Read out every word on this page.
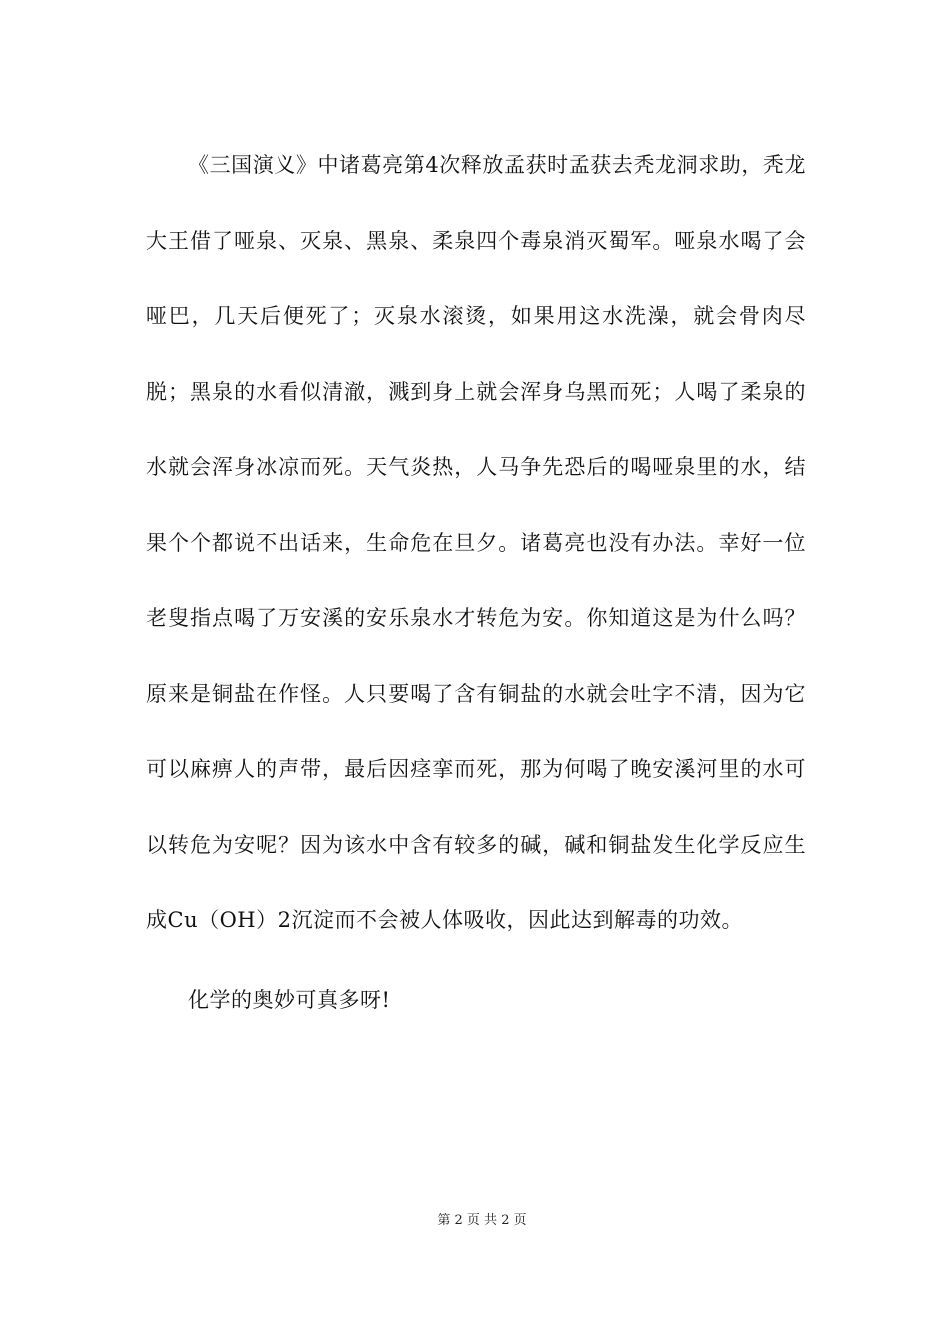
《三国演义》中诸葛亮第4次释放孟获时孟获去秃龙洞求助，秃龙大王借了哑泉、灭泉、黑泉、柔泉四个毒泉消灭蜀军。哑泉水喝了会哑巴，几天后便死了；灭泉水滚烫，如果用这水洗澡，就会骨肉尽脱；黑泉的水看似清澈，溅到身上就会浑身乌黑而死；人喝了柔泉的水就会浑身冰凉而死。天气炎热，人马争先恐后的喝哑泉里的水，结果个个都说不出话来，生命危在旦夕。诸葛亮也没有办法。幸好一位老叟指点喝了万安溪的安乐泉水才转危为安。你知道这是为什么吗？原来是铜盐在作怪。人只要喝了含有铜盐的水就会吐字不清，因为它可以麻痹人的声带，最后因痉挛而死，那为何喝了晚安溪河里的水可以转危为安呢？因为该水中含有较多的碱，碱和铜盐发生化学反应生成Cu（OH）2沉淀而不会被人体吸收，因此达到解毒的功效。

化学的奥妙可真多呀!

第 2 页 共 2 页
